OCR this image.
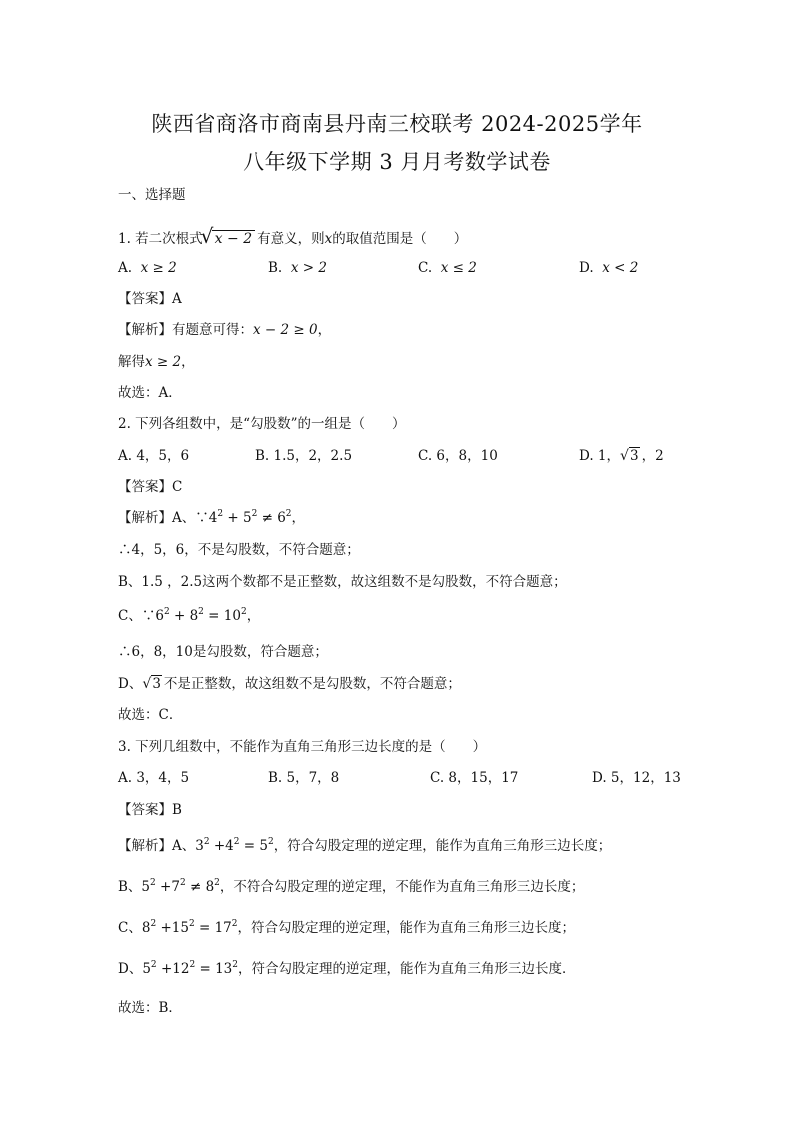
陕西省商洛市商南县丹南三校联考 2024-2025学年
八年级下学期 3 月月考数学试卷
一、选择题
1. 若二次根式
√ x − 2 有意义，则x的取值范围是（　　）
A. x ≥ 2	B. x > 2	C. x ≤ 2	D. x < 2
【答案】A
【解析】有题意可得：x − 2 ≥ 0，
解得x ≥ 2，
故选：A．
2. 下列各组数中，是“勾股数”的一组是（　　）
A. 4，5，6	B. 1.5，2，2.5	C. 6，8，10	D. 1， √ 3 ，2
【答案】C
【解析】A、$\because 4^2 + 5^2 \ne 6^2$，
∴4，5，6，不是勾股数，不符合题意；
B、1.5 ，2.5这两个数都不是正整数，故这组数不是勾股数，不符合题意；
C、$\because 6^2 + 8^2 = 10^2$，
∴6，8，10是勾股数，符合题意；
D、 √ 3 不是正整数，故这组数不是勾股数，不符合题意；
故选：C．
3. 下列几组数中，不能作为直角三角形三边长度的是（　　）
A. 3，4，5	B. 5，7，8	C. 8，15，17	D. 5，12，13
【答案】B
【解析】A、$3^2 +4^2 = 5^2$，符合勾股定理的逆定理，能作为直角三角形三边长度；
B、$5^2 +7^2 \ne 8^2$，不符合勾股定理的逆定理，不能作为直角三角形三边长度；
C、$8^2 +15^2 = 17^2$，符合勾股定理的逆定理，能作为直角三角形三边长度；
D、$5^2 +12^2 = 13^2$，符合勾股定理的逆定理，能作为直角三角形三边长度．
故选：B．
